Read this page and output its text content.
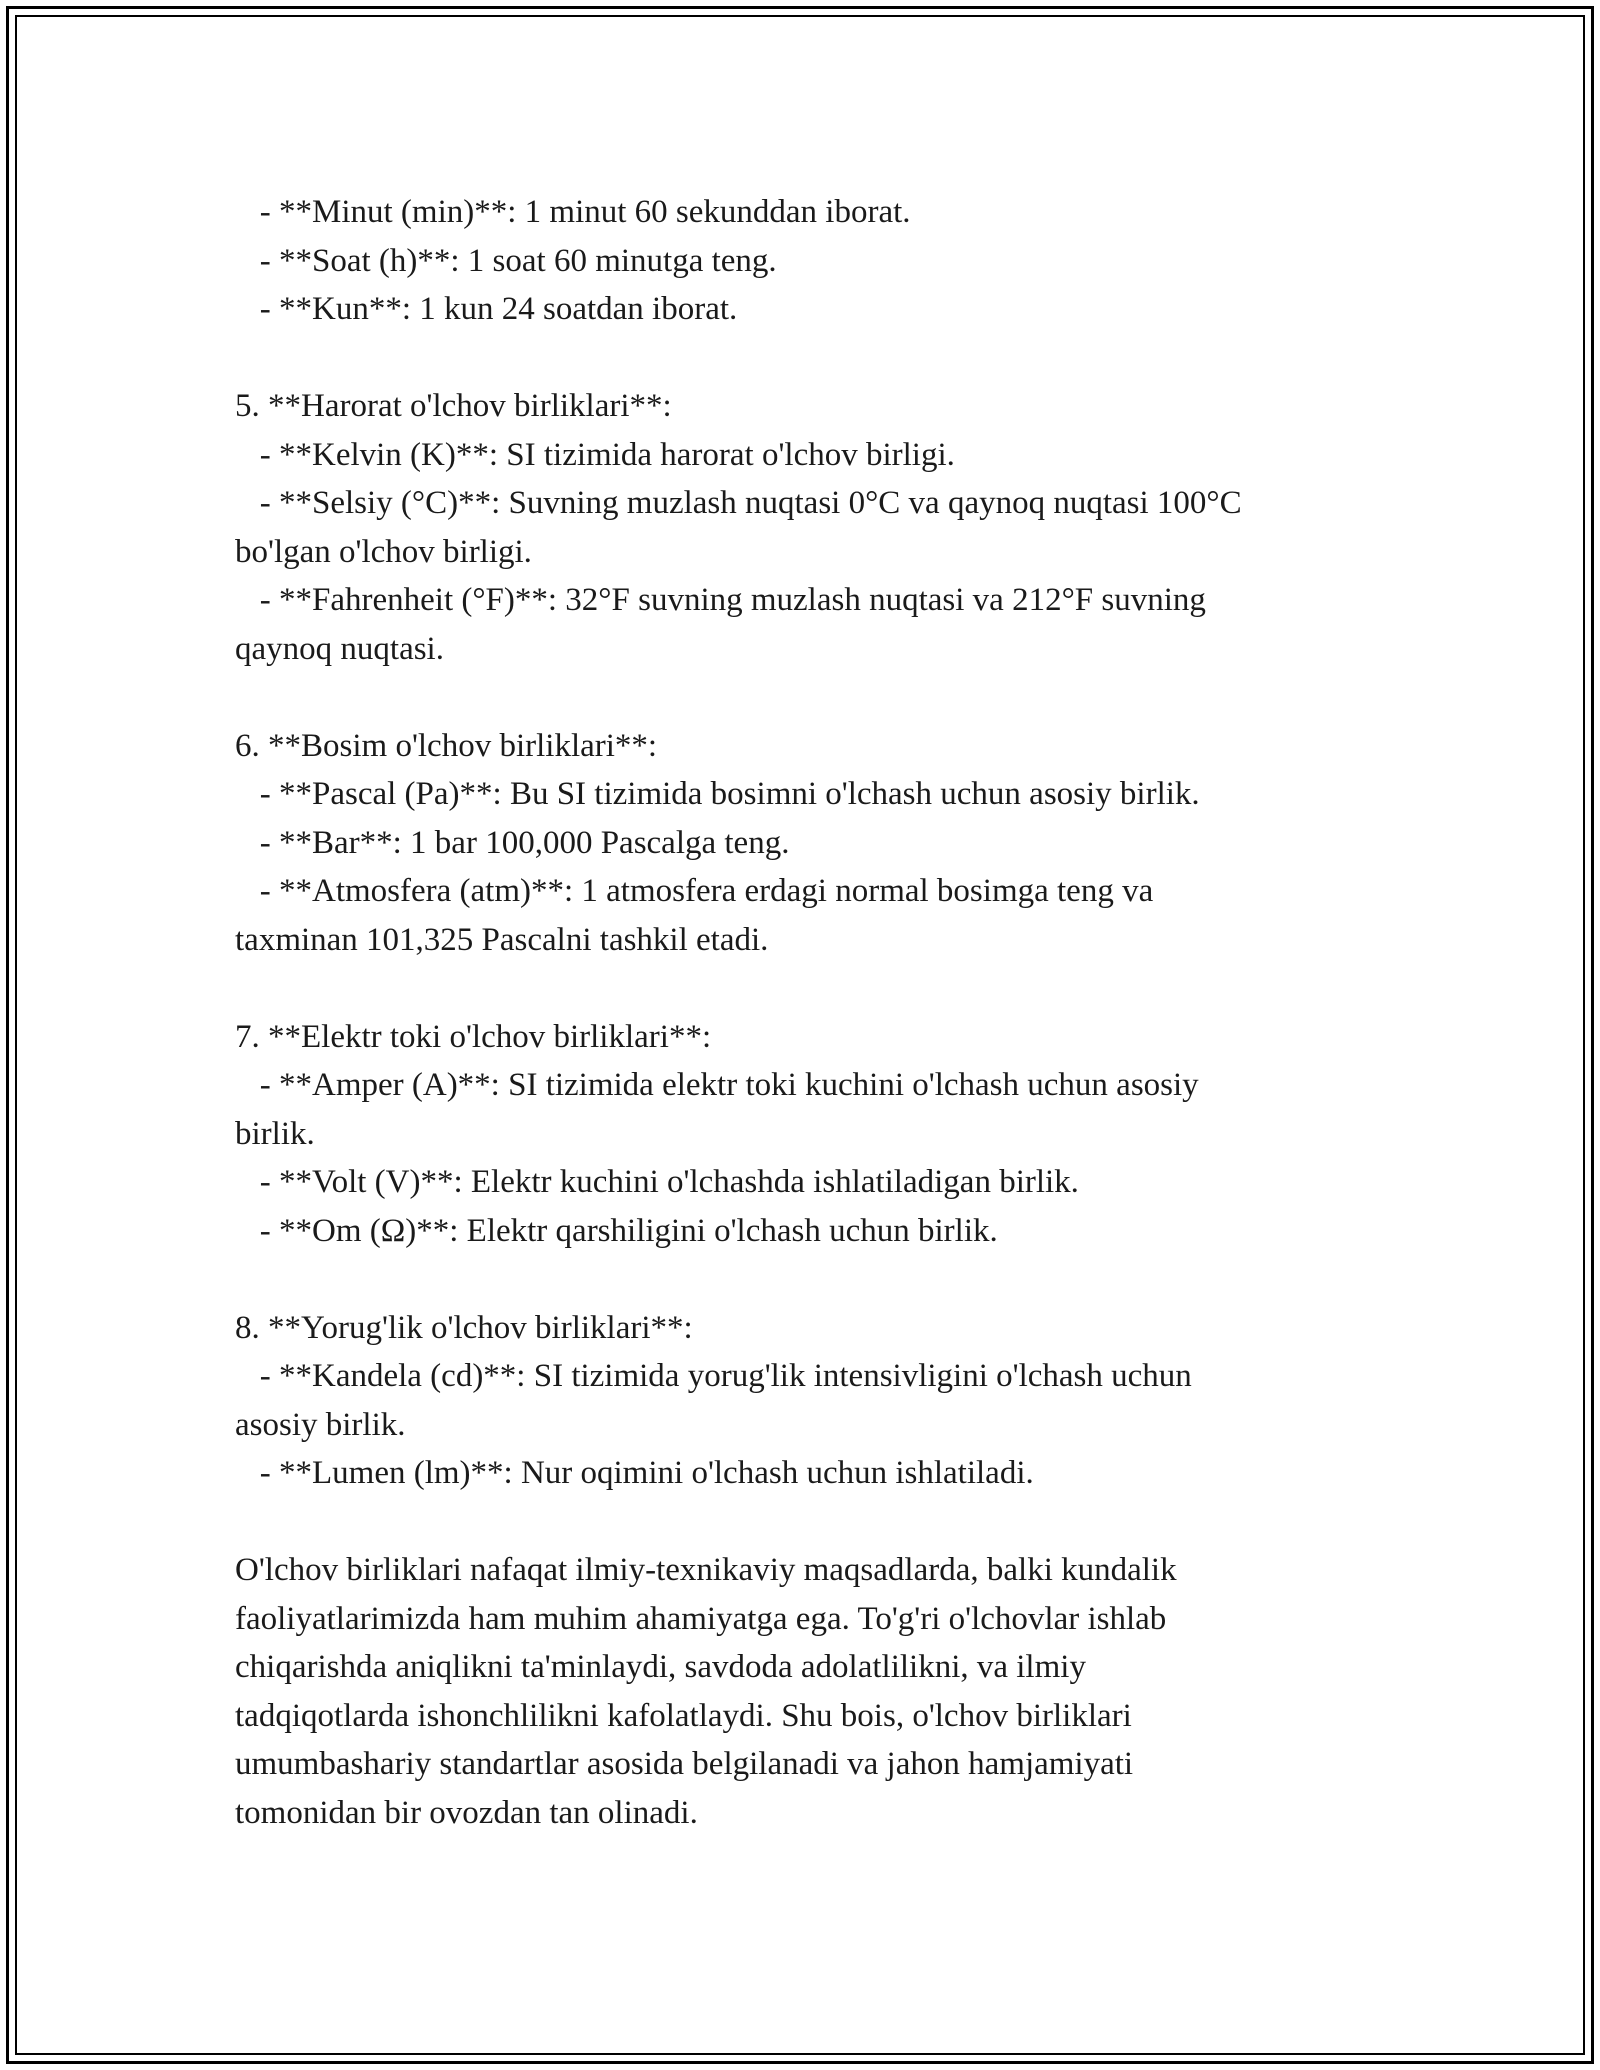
- **Minut (min)**: 1 minut 60 sekunddan iborat.
- **Soat (h)**: 1 soat 60 minutga teng.
- **Kun**: 1 kun 24 soatdan iborat.
5. **Harorat o'lchov birliklari**:
- **Kelvin (K)**: SI tizimida harorat o'lchov birligi.
- **Selsiy (°C)**: Suvning muzlash nuqtasi 0°C va qaynoq nuqtasi 100°C
bo'lgan o'lchov birligi.
- **Fahrenheit (°F)**: 32°F suvning muzlash nuqtasi va 212°F suvning
qaynoq nuqtasi.
6. **Bosim o'lchov birliklari**:
- **Pascal (Pa)**: Bu SI tizimida bosimni o'lchash uchun asosiy birlik.
- **Bar**: 1 bar 100,000 Pascalga teng.
- **Atmosfera (atm)**: 1 atmosfera erdagi normal bosimga teng va
taxminan 101,325 Pascalni tashkil etadi.
7. **Elektr toki o'lchov birliklari**:
- **Amper (A)**: SI tizimida elektr toki kuchini o'lchash uchun asosiy
birlik.
- **Volt (V)**: Elektr kuchini o'lchashda ishlatiladigan birlik.
- **Om (Ω)**: Elektr qarshiligini o'lchash uchun birlik.
8. **Yorug'lik o'lchov birliklari**:
- **Kandela (cd)**: SI tizimida yorug'lik intensivligini o'lchash uchun
asosiy birlik.
- **Lumen (lm)**: Nur oqimini o'lchash uchun ishlatiladi.
O'lchov birliklari nafaqat ilmiy-texnikaviy maqsadlarda, balki kundalik
faoliyatlarimizda ham muhim ahamiyatga ega. To'g'ri o'lchovlar ishlab
chiqarishda aniqlikni ta'minlaydi, savdoda adolatlilikni, va ilmiy
tadqiqotlarda ishonchlilikni kafolatlaydi. Shu bois, o'lchov birliklari
umumbashariy standartlar asosida belgilanadi va jahon hamjamiyati
tomonidan bir ovozdan tan olinadi.
